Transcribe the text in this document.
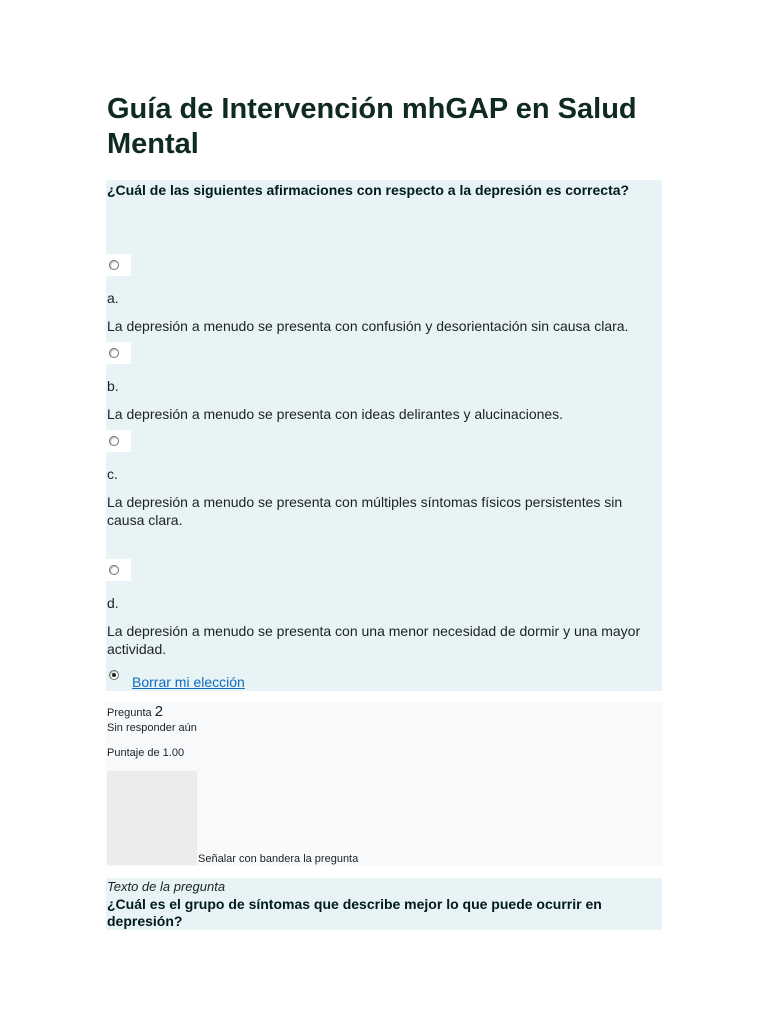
Guía de Intervención mhGAP en Salud Mental
¿Cuál de las siguientes afirmaciones con respecto a la depresión es correcta?
a.
La depresión a menudo se presenta con confusión y desorientación sin causa clara.
b.
La depresión a menudo se presenta con ideas delirantes y alucinaciones.
c.
La depresión a menudo se presenta con múltiples síntomas físicos persistentes sin causa clara.
d.
La depresión a menudo se presenta con una menor necesidad de dormir y una mayor actividad.
Borrar mi elección
Pregunta 2
Sin responder aún
Puntaje de 1.00
Señalar con bandera la pregunta
Texto de la pregunta
¿Cuál es el grupo de síntomas que describe mejor lo que puede ocurrir en depresión?
